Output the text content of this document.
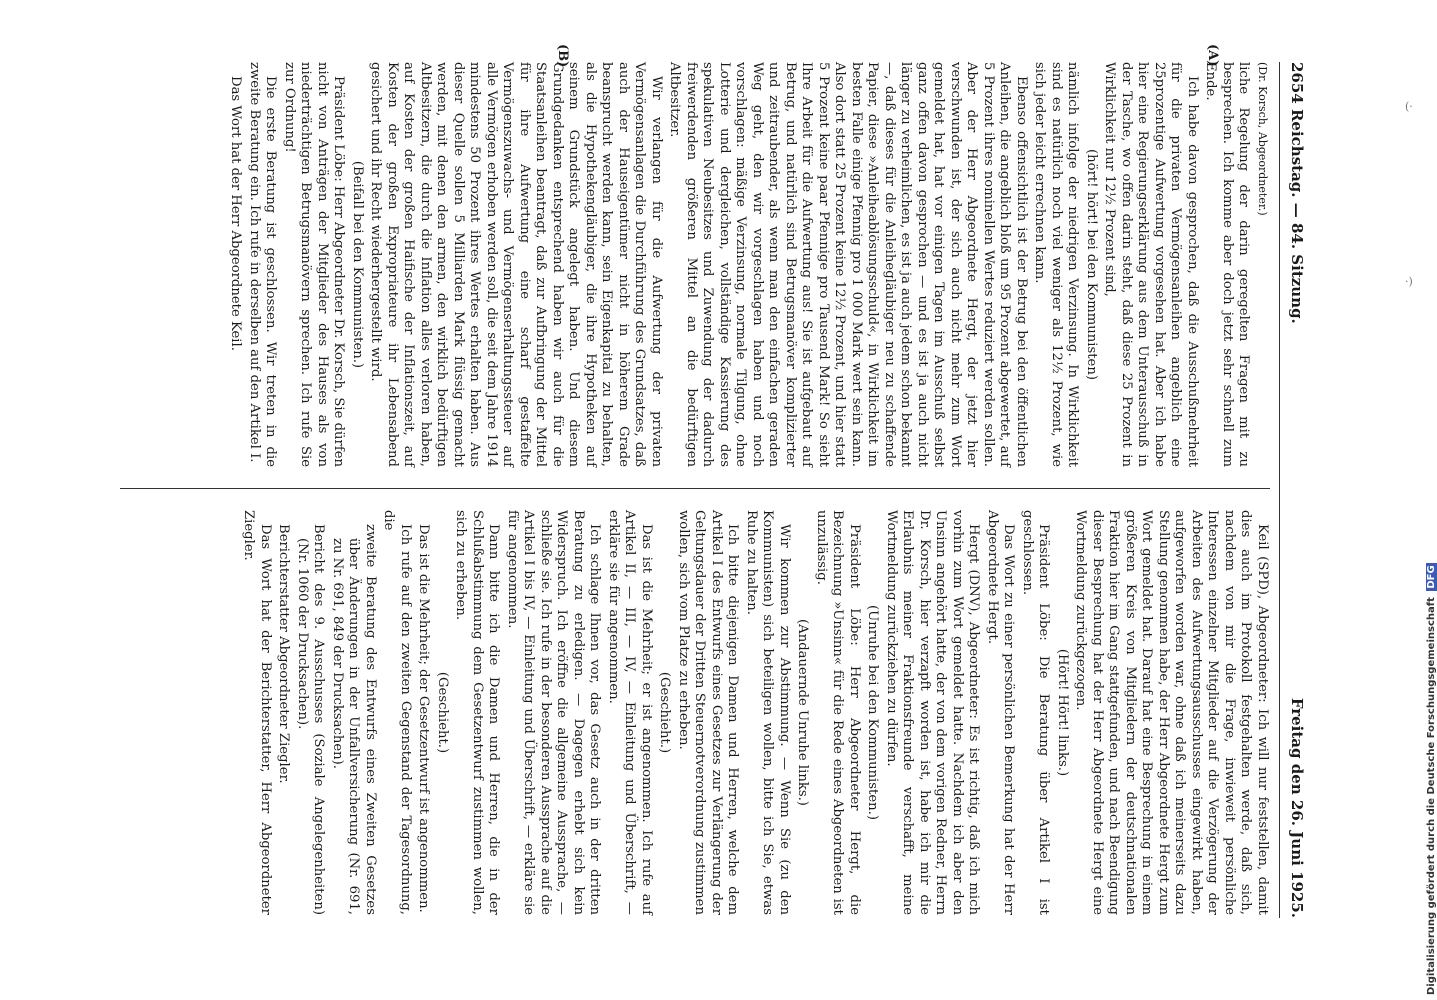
2654 Reichstag. — 84. Sitzung.
Freitag den 26. Juni 1925.
(A)
(B)

(Dr. Korsch, Abgeordneter.)

liche Regelung der darin geregelten Fragen mit zu besprechen. Ich komme aber doch jetzt sehr schnell zum Ende.

Ich habe davon gesprochen, daß die Ausschußmehrheit für die privaten Vermögensanleihen angeblich eine 25prozentige Aufwertung vorgesehen hat. Aber ich habe hier eine Regierungserklärung aus dem Unterausschuß in der Tasche, wo offen darin steht, daß diese 25 Prozent in Wirklichkeit nur 12½ Prozent sind,

(hört! hört! bei den Kommunisten)

nämlich infolge der niedrigen Verzinsung. In Wirklichkeit sind es natürlich noch viel weniger als 12½ Prozent, wie sich jeder leicht errechnen kann.

Ebenso offensichtlich ist der Betrug bei den öffentlichen Anleihen, die angeblich bloß um 95 Prozent abgewertet, auf 5 Prozent ihres nominellen Wertes reduziert werden sollen. Aber der Herr Abgeordnete Hergt, der jetzt hier verschwunden ist, der sich auch nicht mehr zum Wort gemeldet hat, hat vor einigen Tagen im Ausschuß selbst ganz offen davon gesprochen — und es ist ja auch nicht länger zu verheimlichen, es ist ja auch jedem schon bekannt —, daß dieses für die Anleihegläubiger neu zu schaffende Papier, diese »Anleiheablösungsschuld«, in Wirklichkeit im besten Falle einige Pfennig pro 1 000 Mark wert sein kann. Also dort statt 25 Prozent keine 12½ Prozent, und hier statt 5 Prozent keine paar Pfennige pro Tausend Mark! So sieht Ihre Arbeit für die Aufwertung aus! Sie ist aufgebaut auf Betrug, und natürlich sind Betrugsmanöver komplizierter und zeitraubender, als wenn man den einfachen geraden Weg geht, den wir vorgeschlagen haben und noch vorschlagen: mäßige Verzinsung, normale Tilgung, ohne Lotterie und dergleichen, vollständige Kassierung des spekulativen Neubesitzes und Zuwendung der dadurch freiwerdenden größeren Mittel an die bedürftigen Altbesitzer.

Wir verlangen für die Aufwertung der privaten Vermögensanlagen die Durchführung des Grundsatzes, daß auch der Hauseigentümer nicht in höherem Grade beansprucht werden kann, sein Eigenkapital zu behalten, als die Hypothekengläubiger, die ihre Hypotheken auf seinem Grundstück angelegt haben. Und diesem Grundgedanken entsprechend haben wir auch für die Staatsanleihen beantragt, daß zur Aufbringung der Mittel für ihre Aufwertung eine scharf gestaffelte Vermögenszuwachs- und Vermögenserhaltungssteuer auf alle Vermögen erhoben werden soll, die seit dem Jahre 1914 mindestens 50 Prozent ihres Wertes erhalten haben. Aus dieser Quelle sollen 5 Milliarden Mark flüssig gemacht werden, mit denen den armen, den wirklich bedürftigen Altbesitzern, die durch die Inflation alles verloren haben, auf Kosten der großen Haifische der Inflationszeit, auf Kosten der großen Expropriateure ihr Lebensabend gesichert und ihr Recht wiederhergestellt wird.

(Beifall bei den Kommunisten.)

Präsident Löbe: Herr Abgeordneter Dr. Korsch, Sie dürfen nicht von Anträgen der Mitglieder des Hauses als von niederträchtigen Betrugsmanövern sprechen. Ich rufe Sie zur Ordnung!

Die erste Beratung ist geschlossen. Wir treten in die zweite Beratung ein. Ich rufe in derselben auf den Artikel I.

Das Wort hat der Herr Abgeordnete Keil.

Keil (SPD), Abgeordneter: Ich will nur feststellen, damit dies auch im Protokoll festgehalten werde, daß sich, nachdem von mir die Frage, inwieweit persönliche Interessen einzelner Mitglieder auf die Verzögerung der Arbeiten des Aufwertungsausschusses eingewirkt haben, aufgeworfen worden war, ohne daß ich meinerseits dazu Stellung genommen habe, der Herr Abgeordnete Hergt zum Wort gemeldet hat. Darauf hat eine Besprechung in einem größeren Kreis von Mitgliedern der deutschnationalen Fraktion hier im Gang stattgefunden, und nach Beendigung dieser Besprechung hat der Herr Abgeordnete Hergt eine Wortmeldung zurückgezogen.

(Hört! Hört! links.)

Präsident Löbe: Die Beratung über Artikel I ist geschlossen.

Das Wort zu einer persönlichen Bemerkung hat der Herr Abgeordnete Hergt.

Hergt (DNV), Abgeordneter: Es ist richtig, daß ich mich vorhin zum Wort gemeldet hatte. Nachdem ich aber den Unsinn angehört hatte, der von dem vorigen Redner, Herrn Dr. Korsch, hier verzapft worden ist, habe ich mir die Erlaubnis meiner Fraktionsfreunde verschafft, meine Wortmeldung zurückziehen zu dürfen.

(Unruhe bei den Kommunisten.)

Präsident Löbe: Herr Abgeordneter Hergt, die Bezeichnung »Unsinn« für die Rede eines Abgeordneten ist unzulässig.

(Andauernde Unruhe links.)

Wir kommen zur Abstimmung. — Wenn Sie (zu den Kommunisten) sich beteiligen wollen, bitte ich Sie, etwas Ruhe zu halten.

Ich bitte diejenigen Damen und Herren, welche dem Artikel I des Entwurfs eines Gesetzes zur Verlängerung der Geltungsdauer der Dritten Steuernotverordnung zustimmen wollen, sich vom Platze zu erheben.

(Geschieht.)

Das ist die Mehrheit; er ist angenommen. Ich rufe auf Artikel II, — III, — IV, — Einleitung und Überschrift, — erkläre sie für angenommen.

Ich schlage Ihnen vor, das Gesetz auch in der dritten Beratung zu erledigen. — Dagegen erhebt sich kein Widerspruch. Ich eröffne die allgemeine Aussprache, — schließe sie. Ich rufe in der besonderen Aussprache auf die Artikel I bis IV, — Einleitung und Überschrift, — erkläre sie für angenommen.

Dann bitte ich die Damen und Herren, die in der Schlußabstimmung dem Gesetzentwurf zustimmen wollen, sich zu erheben.

(Geschieht.)

Das ist die Mehrheit; der Gesetzentwurf ist angenommen.

Ich rufe auf den zweiten Gegenstand der Tagesordnung, die

zweite Beratung des Entwurfs eines Zweiten Gesetzes über Änderungen in der Unfallversicherung (Nr. 691, zu Nr. 691, 849 der Drucksachen).

Bericht des 9. Ausschusses (Soziale Angelegenheiten) (Nr. 1060 der Drucksachen).

Berichterstatter Abgeordneter Ziegler.

Das Wort hat der Berichterstatter, Herr Abgeordneter Ziegler.

(·
·)
Digitalisierung gefördert durch die Deutsche Forschungsgemeinschaft DFG
